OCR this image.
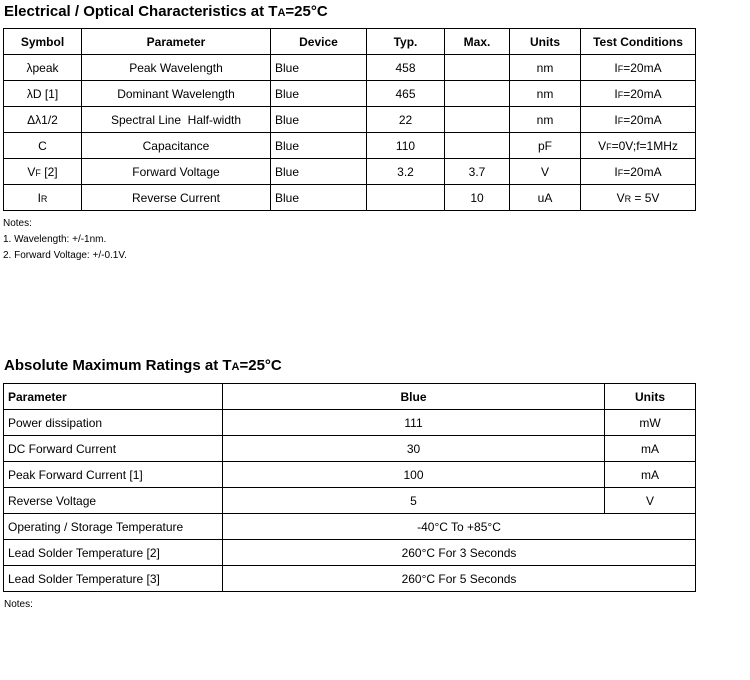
Electrical / Optical Characteristics at TA=25°C
Symbol	Parameter	Device	Typ.	Max.	Units	Test Conditions
λpeak	Peak Wavelength	Blue	458		nm	IF=20mA
λD [1]	Dominant Wavelength	Blue	465		nm	IF=20mA
Δλ1/2	Spectral Line  Half-width	Blue	22		nm	IF=20mA
C	Capacitance	Blue	110		pF	VF=0V;f=1MHz
VF [2]	Forward Voltage	Blue	3.2	3.7	V	IF=20mA
IR	Reverse Current	Blue		10	uA	VR = 5V
Notes:
1. Wavelength: +/-1nm.
2. Forward Voltage: +/-0.1V.
Absolute Maximum Ratings at TA=25°C
Parameter	Blue	Units
Power dissipation	111	mW
DC Forward Current	30	mA
Peak Forward Current [1]	100	mA
Reverse Voltage	5	V
Operating / Storage Temperature	-40°C To +85°C	
Lead Solder Temperature [2]	260°C For 3 Seconds	
Lead Solder Temperature [3]	260°C For 5 Seconds	
Notes:
